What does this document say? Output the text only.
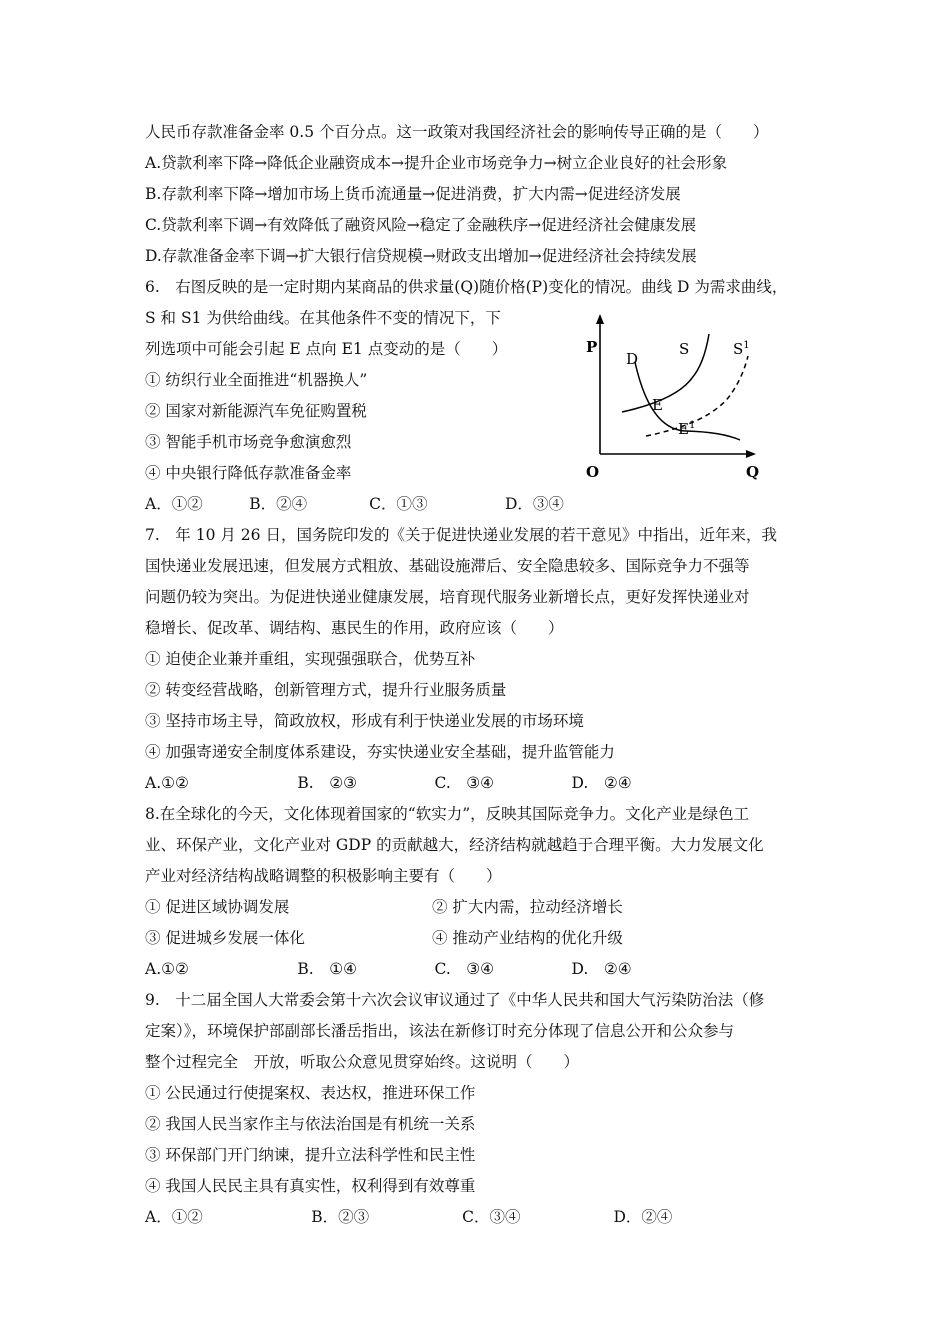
人民币存款准备金率 0.5 个百分点。这一政策对我国经济社会的影响传导正确的是（　　）
A.贷款利率下降→降低企业融资成本→提升企业市场竞争力→树立企业良好的社会形象
B.存款利率下降→增加市场上货币流通量→促进消费，扩大内需→促进经济发展
C.贷款利率下调→有效降低了融资风险→稳定了金融秩序→促进经济社会健康发展
D.存款准备金率下调→扩大银行信贷规模→财政支出增加→促进经济社会持续发展
6.　右图反映的是一定时期内某商品的供求量(Q)随价格(P)变化的情况。曲线 D 为需求曲线，
S 和 S1 为供给曲线。在其他条件不变的情况下，下
列选项中可能会引起 E 点向 E1 点变动的是（　　）
① 纺织行业全面推进“机器换人”
② 国家对新能源汽车免征购置税
③ 智能手机市场竞争愈演愈烈
④ 中央银行降低存款准备金率
A．①②　　　B．②④　　　　C．①③　　　　　D．③④
P
O	Q
D
S	$S^1$
E
$E^1$
7.　年 10 月 26 日，国务院印发的《关于促进快递业发展的若干意见》中指出，近年来，我
国快递业发展迅速，但发展方式粗放、基础设施滞后、安全隐患较多、国际竞争力不强等
问题仍较为突出。为促进快递业健康发展，培育现代服务业新增长点，更好发挥快递业对
稳增长、促改革、调结构、惠民生的作用，政府应该（　　）
① 迫使企业兼并重组，实现强强联合，优势互补
② 转变经营战略，创新管理方式，提升行业服务质量
③ 坚持市场主导，简政放权，形成有利于快递业发展的市场环境
④ 加强寄递安全制度体系建设，夯实快递业安全基础，提升监管能力
A.①②　　　　　　　B.　②③　　　　　C.　③④　　　　　D.　②④
8.在全球化的今天，文化体现着国家的“软实力”，反映其国际竞争力。文化产业是绿色工
业、环保产业，文化产业对 GDP 的贡献越大，经济结构就越趋于合理平衡。大力发展文化
产业对经济结构战略调整的积极影响主要有（　　）
① 促进区域协调发展	② 扩大内需，拉动经济增长
③ 促进城乡发展一体化	④ 推动产业结构的优化升级
A.①②　　　　　　　B.　①④　　　　　C.　③④　　　　　D.　②④
9.　十二届全国人大常委会第十六次会议审议通过了《中华人民共和国大气污染防治法（修
定案）》，环境保护部副部长潘岳指出，该法在新修订时充分体现了信息公开和公众参与
整个过程完全　开放，听取公众意见贯穿始终。这说明（　　）
① 公民通过行使提案权、表达权，推进环保工作
② 我国人民当家作主与依法治国是有机统一关系
③ 环保部门开门纳谏，提升立法科学性和民主性
④ 我国人民民主具有真实性，权利得到有效尊重
A．①②　　　　　　　B．②③　　　　　　C．③④　　　　　　D．②④
